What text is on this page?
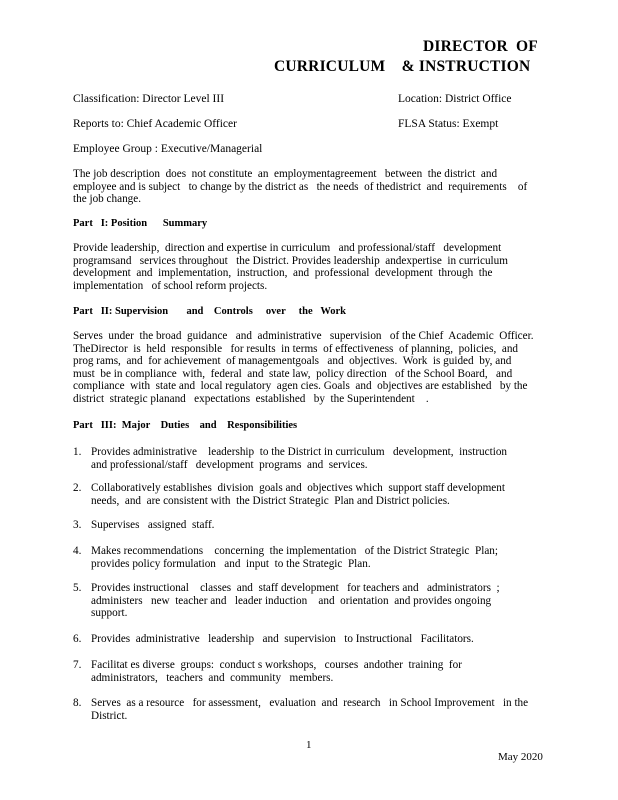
DIRECTOR  OF
CURRICULUM    & INSTRUCTION
Classification: Director Level III	Location: District Office
Reports to: Chief Academic Officer	FLSA Status: Exempt
Employee Group : Executive/Managerial
The job description  does  not constitute  an  employmentagreement   between  the district  and
employee and is subject   to change by the district as   the needs  of thedistrict  and  requirements    of
the job change.
Part   I: Position      Summary
Provide leadership,  direction and expertise in curriculum   and professional/staff   development
programsand   services throughout   the District. Provides leadership  andexpertise  in curriculum
development  and  implementation,  instruction,  and  professional  development  through  the
implementation   of school reform projects.
Part   II: Supervision       and    Controls     over     the   Work
Serves  under  the broad  guidance   and  administrative   supervision   of the Chief  Academic  Officer.
TheDirector  is  held  responsible   for results  in terms  of effectiveness  of planning,  policies,  and
prog rams,  and  for achievement  of managementgoals   and  objectives.  Work  is guided  by, and
must  be in compliance  with,  federal  and  state law,  policy direction   of the School Board,   and
compliance  with  state and  local regulatory  agen cies. Goals  and  objectives are established   by the
district  strategic planand   expectations  established   by  the Superintendent    .
Part   III:  Major    Duties    and    Responsibilities
1. Provides administrative    leadership  to the District in curriculum   development,  instruction
and professional/staff   development  programs  and  services.
2. Collaboratively establishes  division  goals and  objectives which  support staff development
needs,  and  are consistent with  the District Strategic  Plan and District policies.
3. Supervises   assigned  staff.
4. Makes recommendations    concerning  the implementation   of the District Strategic  Plan;
provides policy formulation   and  input  to the Strategic  Plan.
5. Provides instructional    classes  and  staff development   for teachers and   administrators  ;
administers   new  teacher and   leader induction    and  orientation  and provides ongoing
support.
6. Provides  administrative   leadership   and  supervision   to Instructional   Facilitators.
7. Facilitat es diverse  groups:  conduct s workshops,   courses  andother  training  for
administrators,   teachers  and  community   members.
8. Serves  as a resource   for assessment,   evaluation  and  research   in School Improvement   in the
District.
1
May 2020
